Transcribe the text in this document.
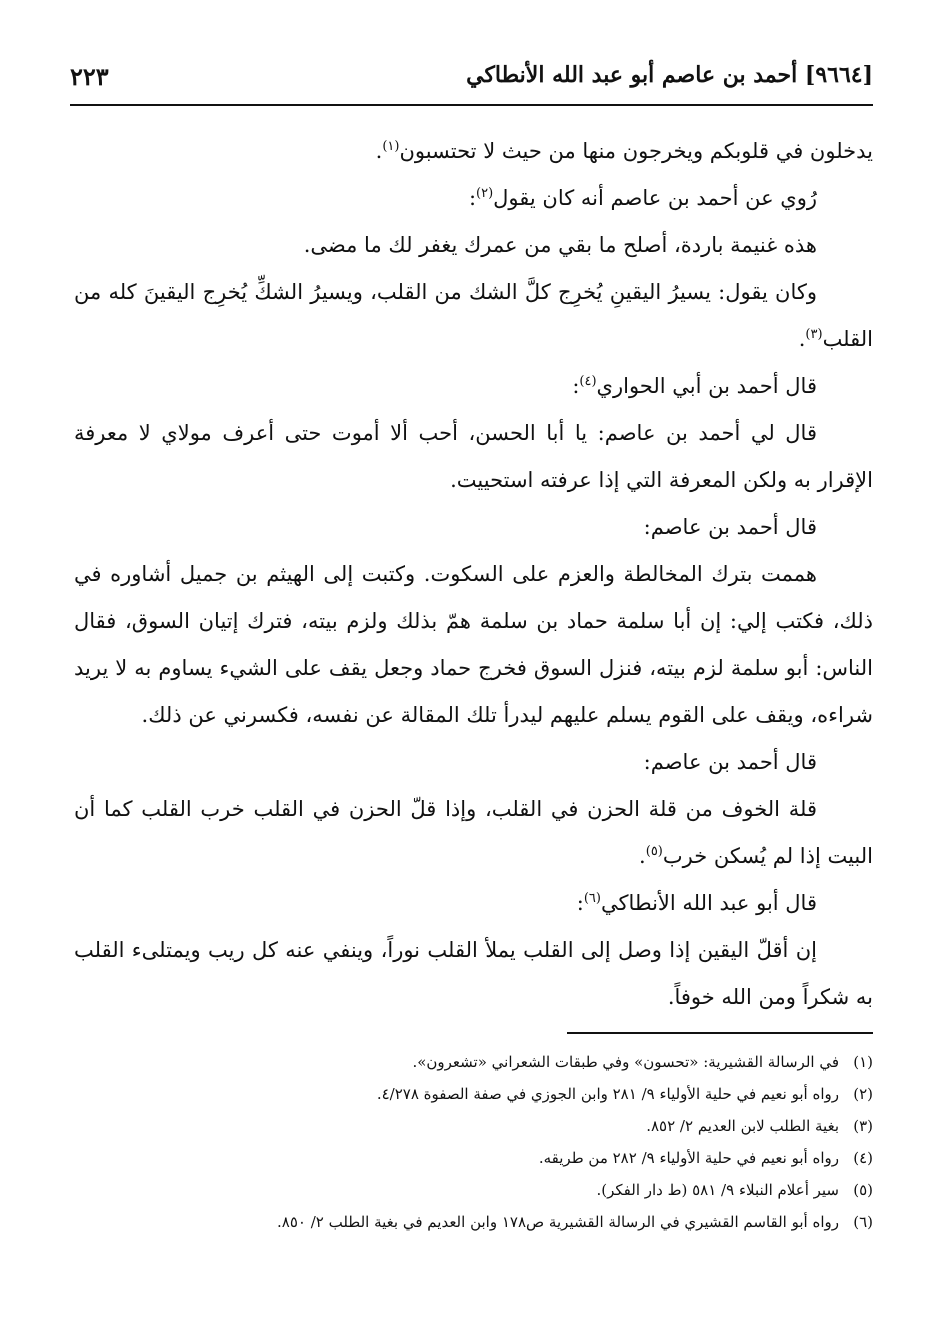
[٩٦٦٤] أحمد بن عاصم أبو عبد الله الأنطاكي
٢٢٣

يدخلون في قلوبكم ويخرجون منها من حيث لا تحتسبون$^{(١)}$.

رُوي عن أحمد بن عاصم أنه كان يقول$^{(٢)}$:

هذه غنيمة باردة، أصلح ما بقي من عمرك يغفر لك ما مضى.

وكان يقول: يسيرُ اليقينِ يُخرِج كلَّ الشك من القلب، ويسيرُ الشكِّ يُخرِج اليقينَ كله من القلب$^{(٣)}$.

قال أحمد بن أبي الحواري$^{(٤)}$:

قال لي أحمد بن عاصم: يا أبا الحسن، أحب ألا أموت حتى أعرف مولاي لا معرفة الإقرار به ولكن المعرفة التي إذا عرفته استحييت.

قال أحمد بن عاصم:

هممت بترك المخالطة والعزم على السكوت. وكتبت إلى الهيثم بن جميل أشاوره في ذلك، فكتب إلي: إن أبا سلمة حماد بن سلمة همّ بذلك ولزم بيته، فترك إتيان السوق، فقال الناس: أبو سلمة لزم بيته، فنزل السوق فخرج حماد وجعل يقف على الشيء يساوم به لا يريد شراءه، ويقف على القوم يسلم عليهم ليدرأ تلك المقالة عن نفسه، فكسرني عن ذلك.

قال أحمد بن عاصم:

قلة الخوف من قلة الحزن في القلب، وإذا قلّ الحزن في القلب خرب القلب كما أن البيت إذا لم يُسكن خرب$^{(٥)}$.

قال أبو عبد الله الأنطاكي$^{(٦)}$:

إن أقلّ اليقين إذا وصل إلى القلب يملأ القلب نوراً، وينفي عنه كل ريب ويمتلىء القلب به شكراً ومن الله خوفاً.

(١)في الرسالة القشيرية: «تحسون» وفي طبقات الشعراني «تشعرون».

(٢)رواه أبو نعيم في حلية الأولياء ٩/ ٢٨١ وابن الجوزي في صفة الصفوة ٤/٢٧٨.

(٣)بغية الطلب لابن العديم ٢/ ٨٥٢.

(٤)رواه أبو نعيم في حلية الأولياء ٩/ ٢٨٢ من طريقه.

(٥)سير أعلام النبلاء ٩/ ٥٨١ (ط دار الفكر).

(٦)رواه أبو القاسم القشيري في الرسالة القشيرية ص١٧٨ وابن العديم في بغية الطلب ٢/ ٨٥٠.
